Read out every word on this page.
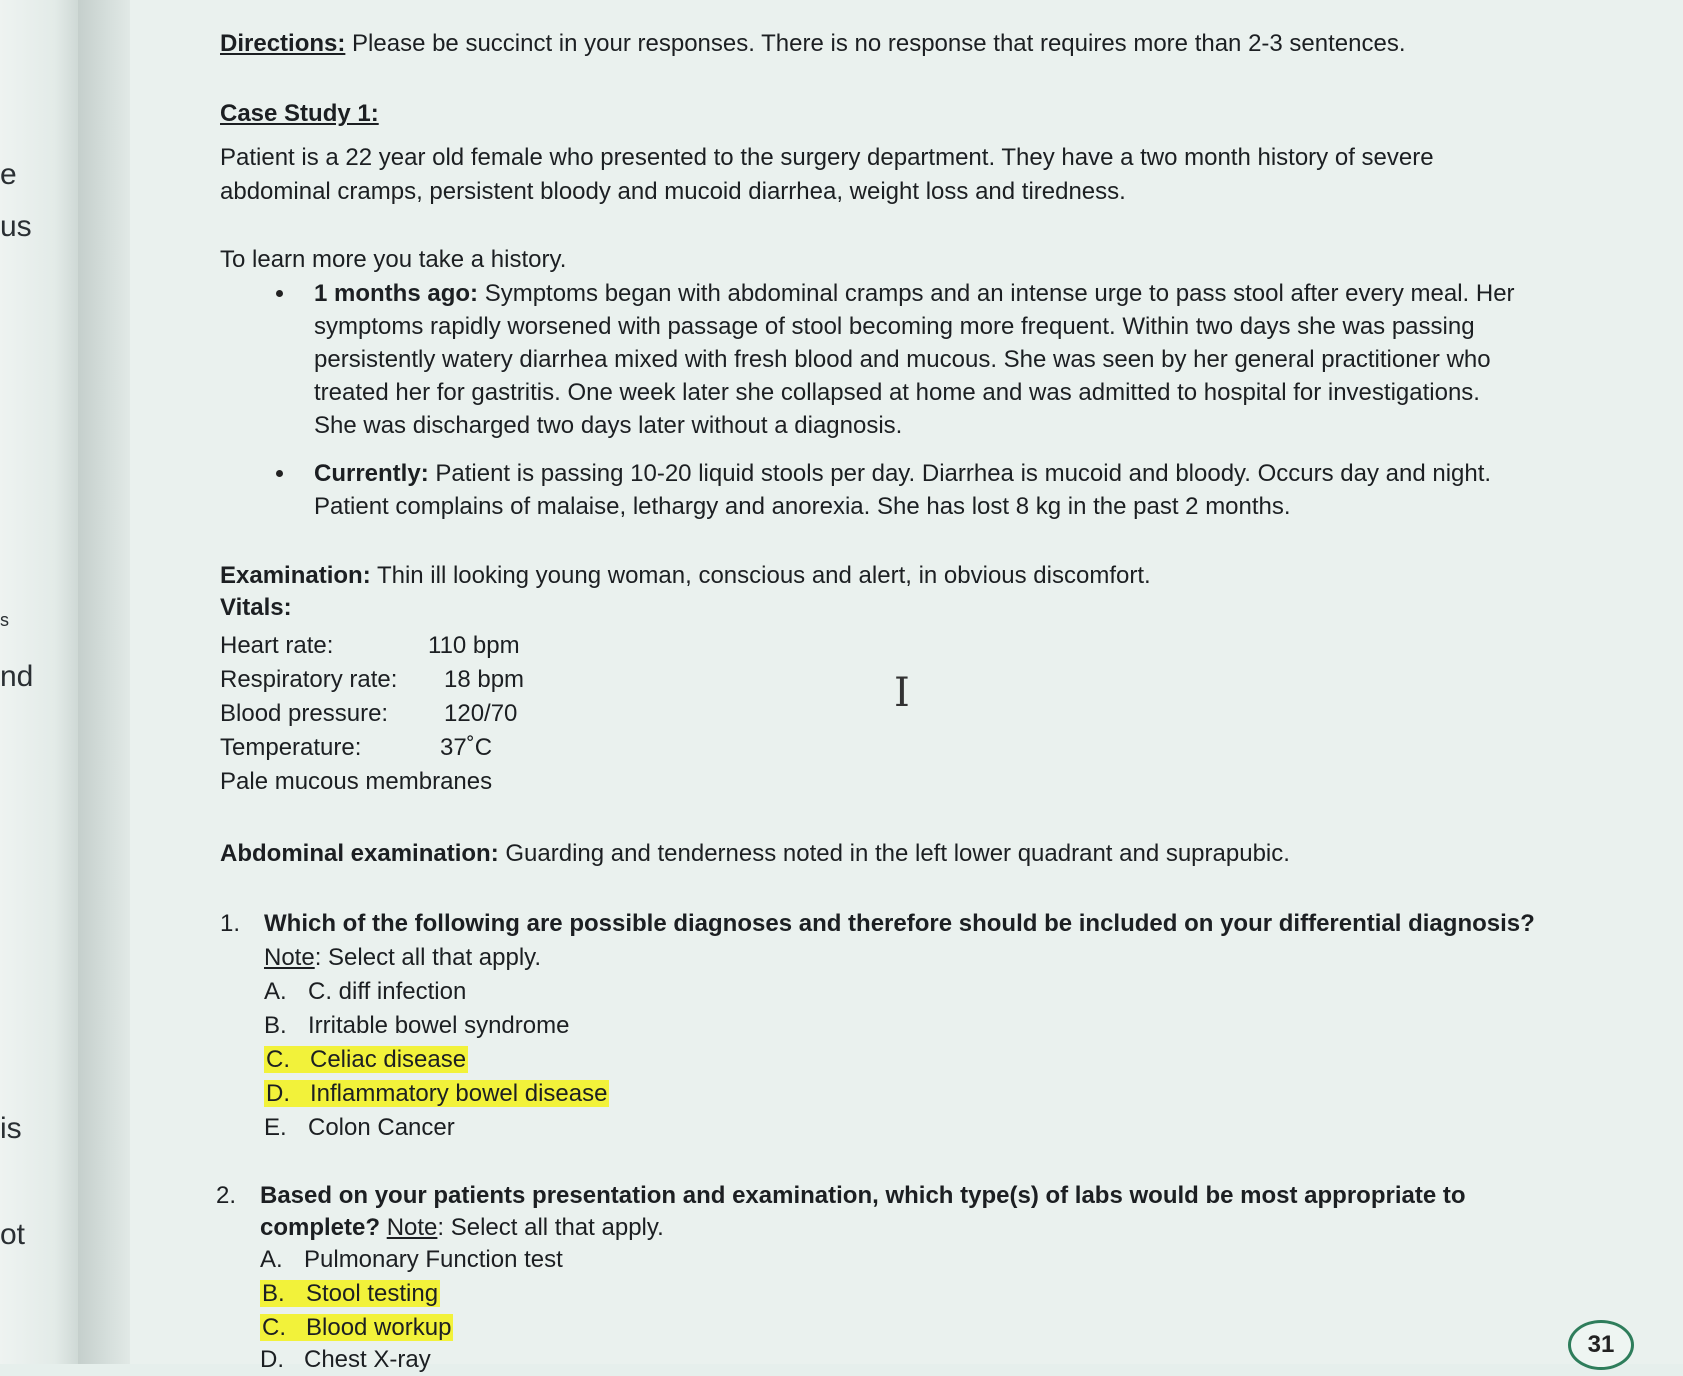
e
us
s
nd
is
ot
Directions: Please be succinct in your responses. There is no response that requires more than 2-3 sentences.
Case Study 1:
Patient is a 22 year old female who presented to the surgery department. They have a two month history of severe
abdominal cramps, persistent bloody and mucoid diarrhea, weight loss and tiredness.
To learn more you take a history.
1 months ago: Symptoms began with abdominal cramps and an intense urge to pass stool after every meal. Her
symptoms rapidly worsened with passage of stool becoming more frequent. Within two days she was passing
persistently watery diarrhea mixed with fresh blood and mucous. She was seen by her general practitioner who
treated her for gastritis. One week later she collapsed at home and was admitted to hospital for investigations.
She was discharged two days later without a diagnosis.
Currently: Patient is passing 10-20 liquid stools per day. Diarrhea is mucoid and bloody. Occurs day and night.
Patient complains of malaise, lethargy and anorexia. She has lost 8 kg in the past 2 months.
Examination: Thin ill looking young woman, conscious and alert, in obvious discomfort.
Vitals:
Heart rate:	110 bpm
Respiratory rate: 18 bpm
Blood pressure: 120/70
Temperature:	37˚C
Pale mucous membranes
Abdominal examination: Guarding and tenderness noted in the left lower quadrant and suprapubic.
1. Which of the following are possible diagnoses and therefore should be included on your differential diagnosis?
Note: Select all that apply.
A. C. diff infection
B. Irritable bowel syndrome
C. Celiac disease
D. Inflammatory bowel disease
E. Colon Cancer
2. Based on your patients presentation and examination, which type(s) of labs would be most appropriate to
complete? Note: Select all that apply.
A. Pulmonary Function test
B. Stool testing
C. Blood workup
D. Chest X-ray
I
31
